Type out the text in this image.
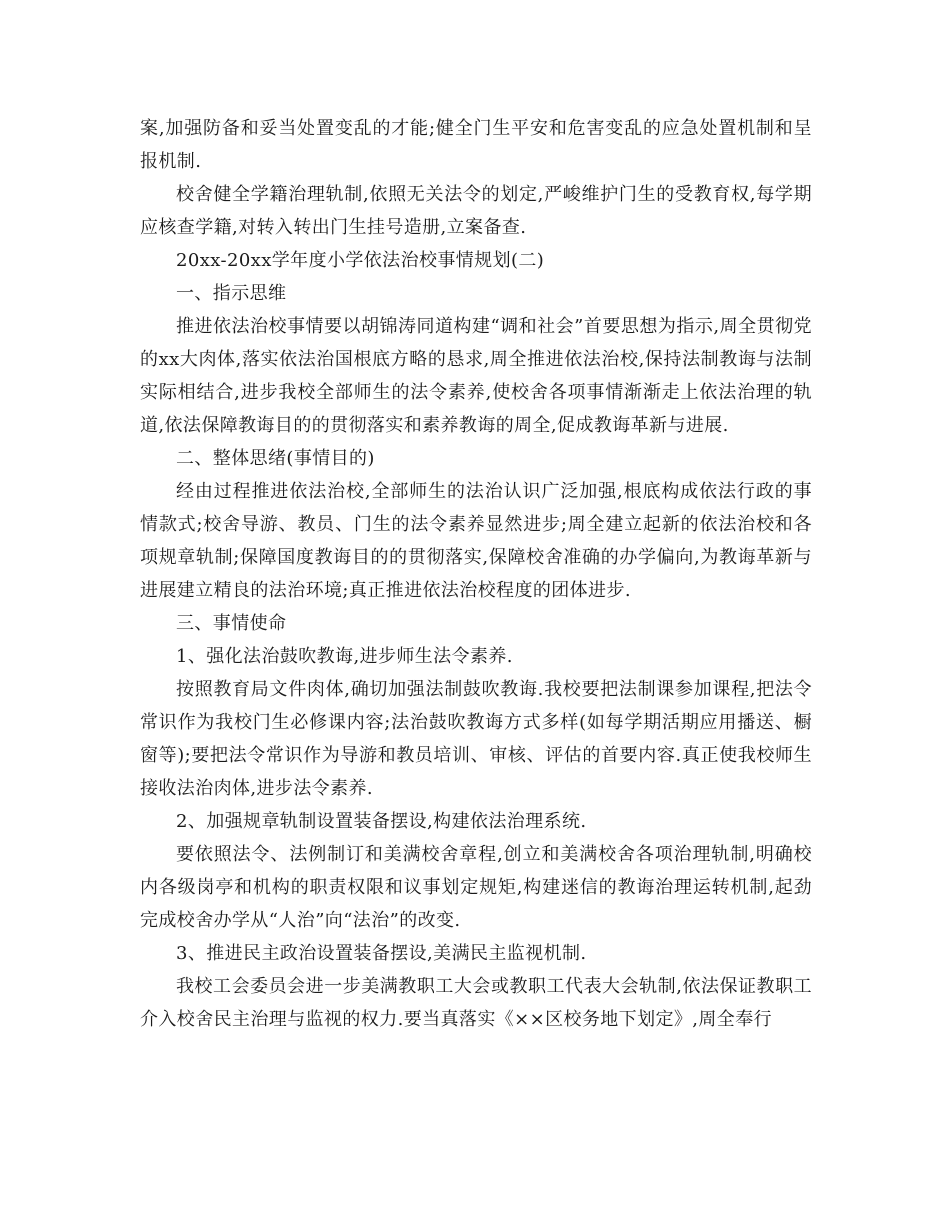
案,加强防备和妥当处置变乱的才能;健全门生平安和危害变乱的应急处置机制和呈报机制.

校舍健全学籍治理轨制,依照无关法令的划定,严峻维护门生的受教育权,每学期应核查学籍,对转入转出门生挂号造册,立案备查.

20xx-20xx学年度小学依法治校事情规划(二)

一、指示思维

推进依法治校事情要以胡锦涛同道构建“调和社会”首要思想为指示,周全贯彻党的xx大肉体,落实依法治国根底方略的恳求,周全推进依法治校,保持法制教诲与法制实际相结合,进步我校全部师生的法令素养,使校舍各项事情渐渐走上依法治理的轨道,依法保障教诲目的的贯彻落实和素养教诲的周全,促成教诲革新与进展.

二、整体思绪(事情目的)

经由过程推进依法治校,全部师生的法治认识广泛加强,根底构成依法行政的事情款式;校舍导游、教员、门生的法令素养显然进步;周全建立起新的依法治校和各项规章轨制;保障国度教诲目的的贯彻落实,保障校舍准确的办学偏向,为教诲革新与进展建立精良的法治环境;真正推进依法治校程度的团体进步.

三、事情使命

1、强化法治鼓吹教诲,进步师生法令素养.

按照教育局文件肉体,确切加强法制鼓吹教诲.我校要把法制课参加课程,把法令常识作为我校门生必修课内容;法治鼓吹教诲方式多样(如每学期活期应用播送、橱窗等);要把法令常识作为导游和教员培训、审核、评估的首要内容.真正使我校师生接收法治肉体,进步法令素养.

2、加强规章轨制设置装备摆设,构建依法治理系统.

要依照法令、法例制订和美满校舍章程,创立和美满校舍各项治理轨制,明确校内各级岗亭和机构的职责权限和议事划定规矩,构建迷信的教诲治理运转机制,起劲完成校舍办学从“人治”向“法治”的改变.

3、推进民主政治设置装备摆设,美满民主监视机制.

我校工会委员会进一步美满教职工大会或教职工代表大会轨制,依法保证教职工介入校舍民主治理与监视的权力.要当真落实《××区校务地下划定》,周全奉行
